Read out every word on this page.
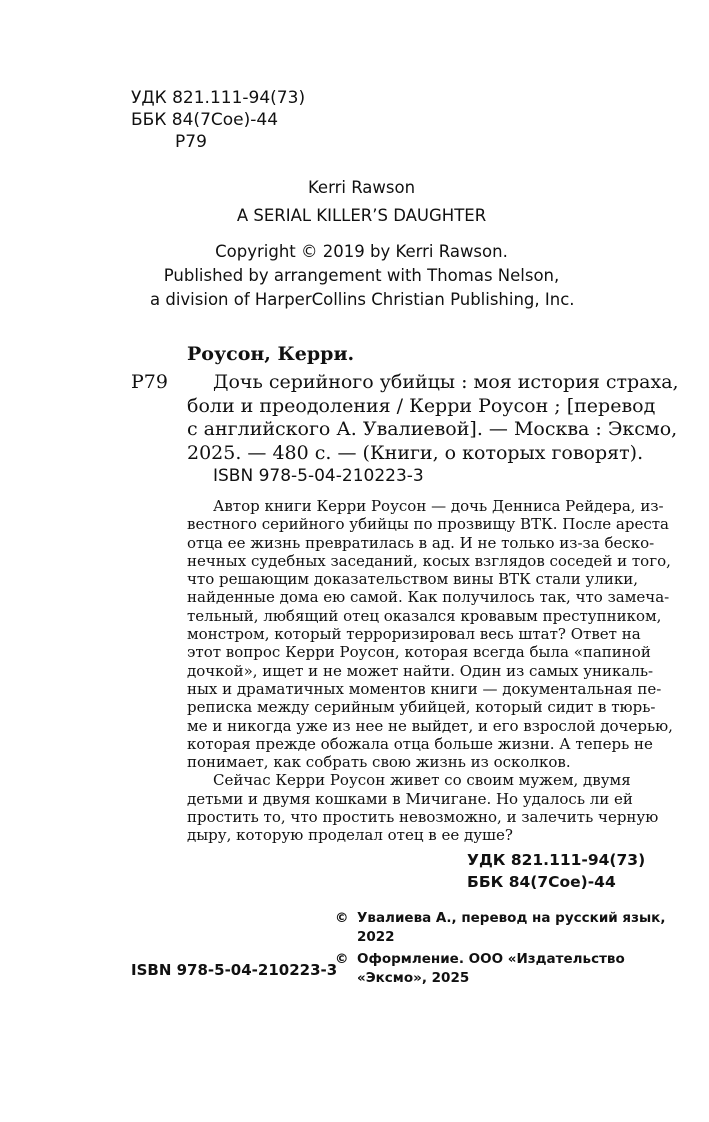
УДК 821.111-94(73)
ББК 84(7Сое)-44
Р79
Kerri Rawson
A SERIAL KILLER’S DAUGHTER
Copyright © 2019 by Kerri Rawson.
Published by arrangement with Thomas Nelson,
a division of HarperCollins Christian Publishing, Inc.
Роусон, Керри.
Р79	Дочь серийного убийцы : моя история страха,
боли и преодоления / Керри Роусон ; [перевод
с английского А. Увалиевой]. — Москва : Эксмо,
2025. — 480 с. — (Книги, о которых говорят).
ISBN 978-5-04-210223-3
Автор книги Керри Роусон — дочь Денниса Рейдера, из-
вестного серийного убийцы по прозвищу ВТК. После ареста
отца ее жизнь превратилась в ад. И не только из-за беско-
нечных судебных заседаний, косых взглядов соседей и того,
что решающим доказательством вины ВТК стали улики,
найденные дома ею самой. Как получилось так, что замеча-
тельный, любящий отец оказался кровавым преступником,
монстром, который терроризировал весь штат? Ответ на
этот вопрос Керри Роусон, которая всегда была «папиной
дочкой», ищет и не может найти. Один из самых уникаль-
ных и драматичных моментов книги — документальная пе-
реписка между серийным убийцей, который сидит в тюрь-
ме и никогда уже из нее не выйдет, и его взрослой дочерью,
которая прежде обожала отца больше жизни. А теперь не
понимает, как собрать свою жизнь из осколков.
Сейчас Керри Роусон живет со своим мужем, двумя
детьми и двумя кошками в Мичигане. Но удалось ли ей
простить то, что простить невозможно, и залечить черную
дыру, которую проделал отец в ее душе?
УДК 821.111-94(73)
ББК 84(7Сое)-44
© Увалиева А., перевод на русский язык,
2022
© Оформление. ООО «Издательство
«Эксмо», 2025
ISBN 978-5-04-210223-3
